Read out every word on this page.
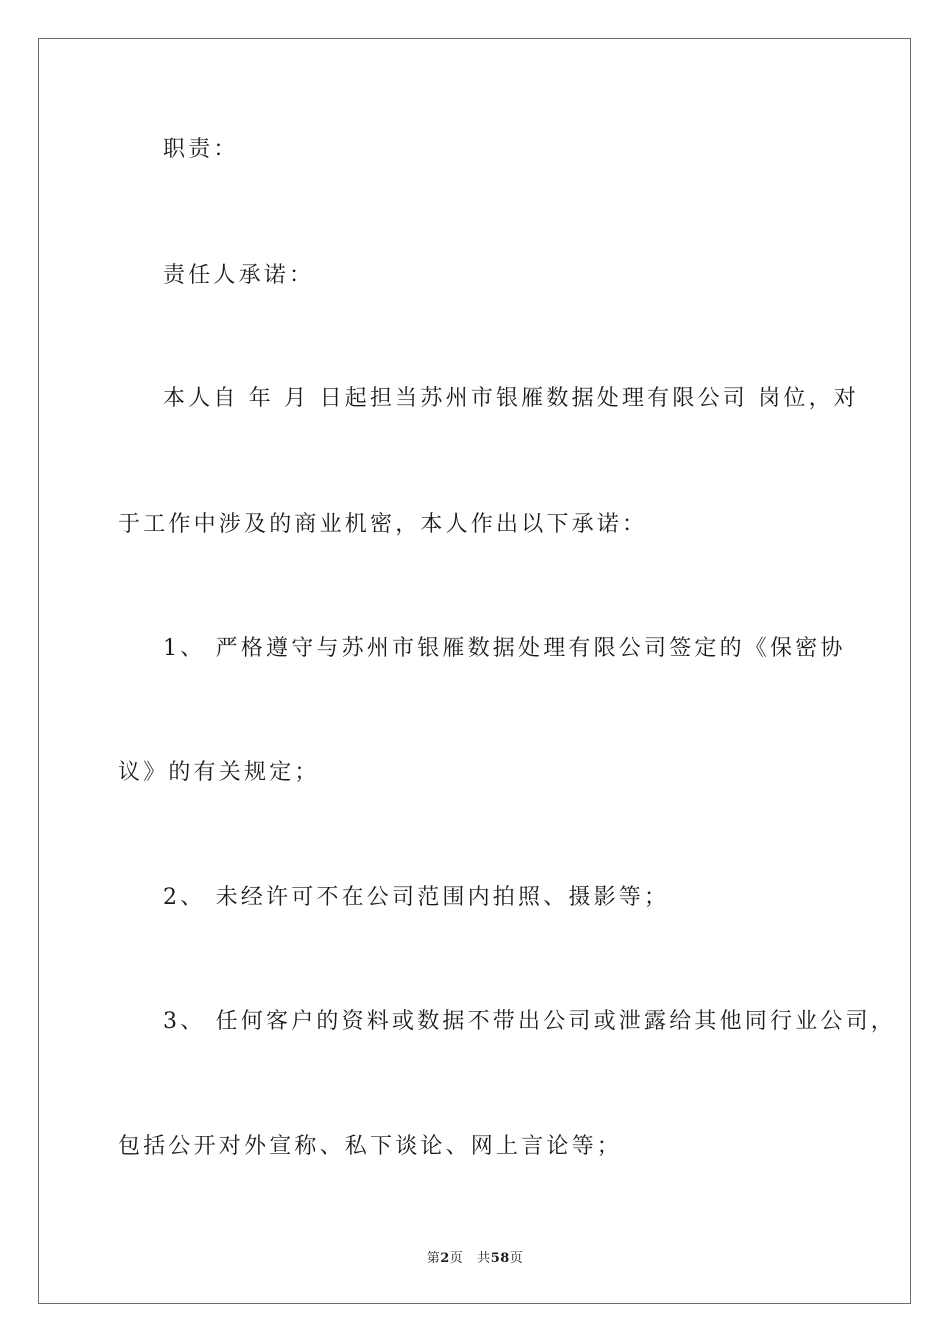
职责：
责任人承诺：
本人自 年 月 日起担当苏州市银雁数据处理有限公司 岗位，对
于工作中涉及的商业机密，本人作出以下承诺：
1、 严格遵守与苏州市银雁数据处理有限公司签定的《保密协
议》的有关规定；
2、 未经许可不在公司范围内拍照、摄影等；
3、 任何客户的资料或数据不带出公司或泄露给其他同行业公司，
包括公开对外宣称、私下谈论、网上言论等；
第2页 共58页
